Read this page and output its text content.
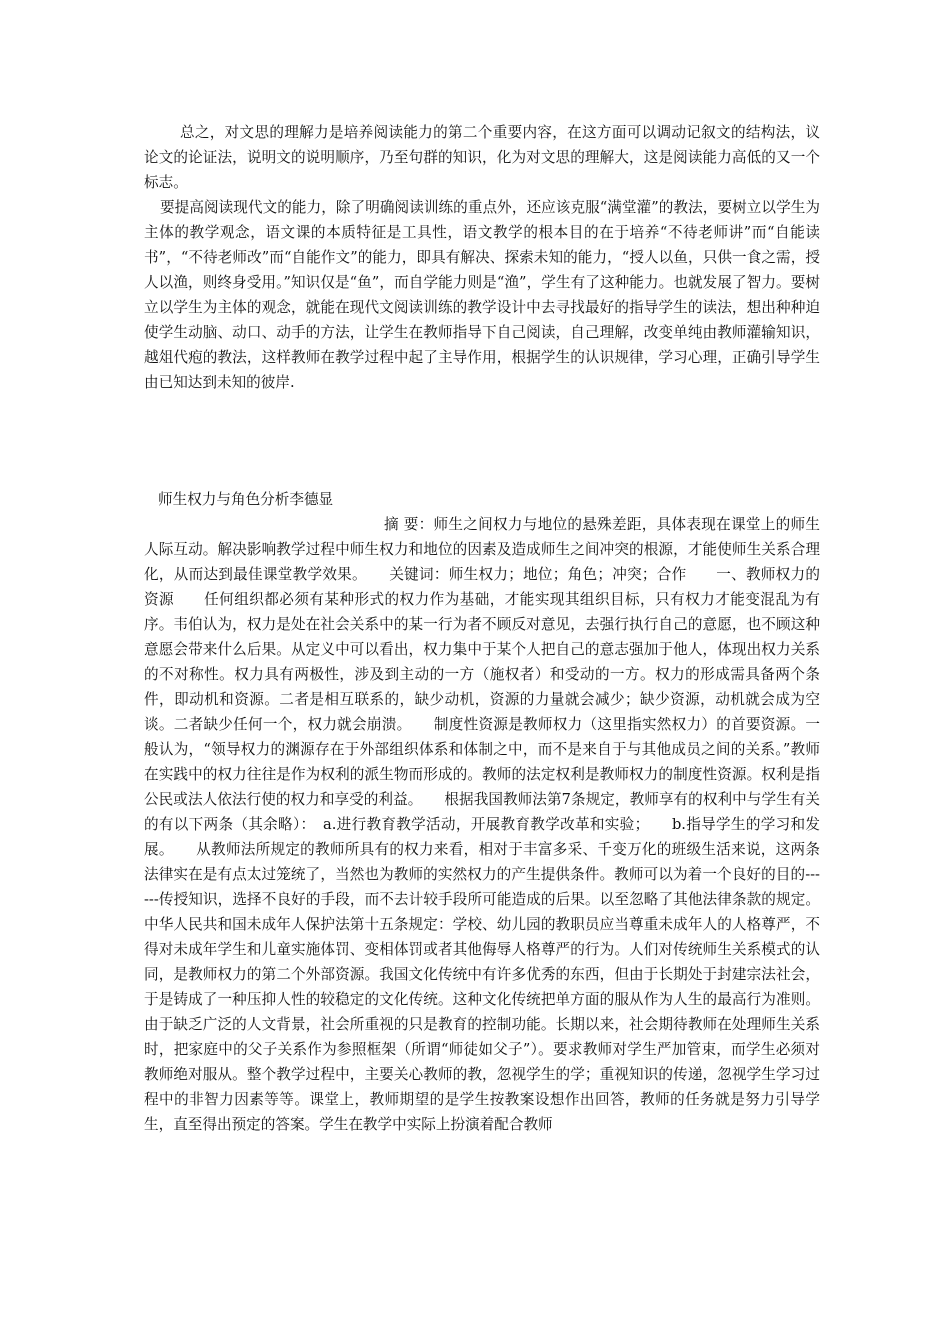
总之，对文思的理解力是培养阅读能力的第二个重要内容，在这方面可以调动记叙文的结构法，议论文的论证法，说明文的说明顺序，乃至句群的知识，化为对文思的理解大，这是阅读能力高低的又一个标志。

要提高阅读现代文的能力，除了明确阅读训练的重点外，还应该克服“满堂灌”的教法，要树立以学生为主体的教学观念，语文课的本质特征是工具性，语文教学的根本目的在于培养“不待老师讲”而“自能读书”，“不待老师改”而“自能作文”的能力，即具有解决、探索未知的能力，“授人以鱼，只供一食之需，授人以渔，则终身受用。”知识仅是“鱼”，而自学能力则是“渔”，学生有了这种能力。也就发展了智力。要树立以学生为主体的观念，就能在现代文阅读训练的教学设计中去寻找最好的指导学生的读法，想出种种迫使学生动脑、动口、动手的方法，让学生在教师指导下自己阅读，自己理解，改变单纯由教师灌输知识，越俎代疱的教法，这样教师在教学过程中起了主导作用，根据学生的认识规律，学习心理，正确引导学生由已知达到未知的彼岸.

师生权力与角色分析李德显

摘 要：师生之间权力与地位的悬殊差距，具体表现在课堂上的师生人际互动。解决影响教学过程中师生权力和地位的因素及造成师生之间冲突的根源，才能使师生关系合理化，从而达到最佳课堂教学效果。　　关键词：师生权力；地位；角色；冲突；合作　　一、教师权力的资源　　任何组织都必须有某种形式的权力作为基础，才能实现其组织目标，只有权力才能变混乱为有序。韦伯认为，权力是处在社会关系中的某一行为者不顾反对意见，去强行执行自己的意愿，也不顾这种意愿会带来什么后果。从定义中可以看出，权力集中于某个人把自己的意志强加于他人，体现出权力关系的不对称性。权力具有两极性，涉及到主动的一方（施权者）和受动的一方。权力的形成需具备两个条件，即动机和资源。二者是相互联系的，缺少动机，资源的力量就会减少；缺少资源，动机就会成为空谈。二者缺少任何一个，权力就会崩溃。　　制度性资源是教师权力（这里指实然权力）的首要资源。一般认为，“领导权力的渊源存在于外部组织体系和体制之中，而不是来自于与其他成员之间的关系。”教师在实践中的权力往往是作为权利的派生物而形成的。教师的法定权利是教师权力的制度性资源。权利是指公民或法人依法行使的权力和享受的利益。　　根据我国教师法第7条规定，教师享有的权利中与学生有关的有以下两条（其余略）：　a.进行教育教学活动，开展教育教学改革和实验；　　b.指导学生的学习和发展。　　从教师法所规定的教师所具有的权力来看，相对于丰富多采、千变万化的班级生活来说，这两条法律实在是有点太过笼统了，当然也为教师的实然权力的产生提供条件。教师可以为着一个良好的目的------传授知识，选择不良好的手段，而不去计较手段所可能造成的后果。以至忽略了其他法律条款的规定。中华人民共和国未成年人保护法第十五条规定：学校、幼儿园的教职员应当尊重未成年人的人格尊严，不得对未成年学生和儿童实施体罚、变相体罚或者其他侮辱人格尊严的行为。人们对传统师生关系模式的认同，是教师权力的第二个外部资源。我国文化传统中有许多优秀的东西，但由于长期处于封建宗法社会，于是铸成了一种压抑人性的较稳定的文化传统。这种文化传统把单方面的服从作为人生的最高行为准则。由于缺乏广泛的人文背景，社会所重视的只是教育的控制功能。长期以来，社会期待教师在处理师生关系时，把家庭中的父子关系作为参照框架（所谓“师徒如父子”）。要求教师对学生严加管束，而学生必须对教师绝对服从。整个教学过程中，主要关心教师的教，忽视学生的学；重视知识的传递，忽视学生学习过程中的非智力因素等等。课堂上，教师期望的是学生按教案设想作出回答，教师的任务就是努力引导学生，直至得出预定的答案。学生在教学中实际上扮演着配合教师
